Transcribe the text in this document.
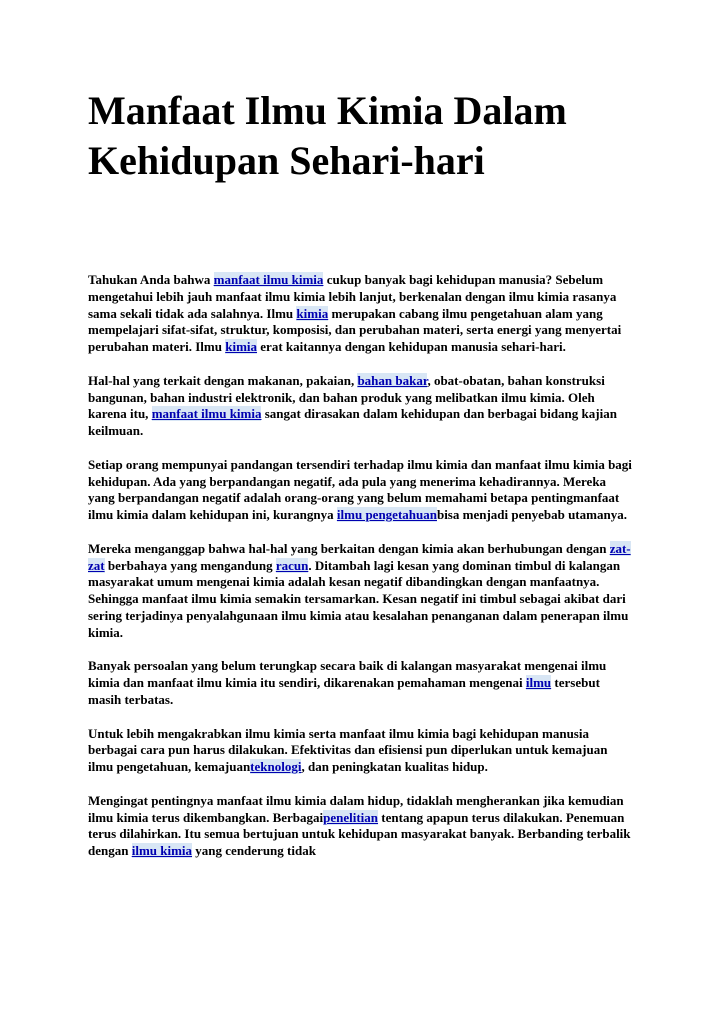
Manfaat Ilmu Kimia Dalam Kehidupan Sehari-hari

Tahukan Anda bahwa manfaat ilmu kimia cukup banyak bagi kehidupan manusia? Sebelum mengetahui lebih jauh manfaat ilmu kimia lebih lanjut, berkenalan dengan ilmu kimia rasanya sama sekali tidak ada salahnya. Ilmu kimia merupakan cabang ilmu pengetahuan alam yang mempelajari sifat-sifat, struktur, komposisi, dan perubahan materi, serta energi yang menyertai perubahan materi. Ilmu kimia erat kaitannya dengan kehidupan manusia sehari-hari.

Hal-hal yang terkait dengan makanan, pakaian, bahan bakar, obat-obatan, bahan konstruksi bangunan, bahan industri elektronik, dan bahan produk yang melibatkan ilmu kimia. Oleh karena itu, manfaat ilmu kimia sangat dirasakan dalam kehidupan dan berbagai bidang kajian keilmuan.

Setiap orang mempunyai pandangan tersendiri terhadap ilmu kimia dan manfaat ilmu kimia bagi kehidupan. Ada yang berpandangan negatif, ada pula yang menerima kehadirannya. Mereka yang berpandangan negatif adalah orang-orang yang belum memahami betapa pentingmanfaat ilmu kimia dalam kehidupan ini, kurangnya ilmu pengetahuanbisa menjadi penyebab utamanya.

Mereka menganggap bahwa hal-hal yang berkaitan dengan kimia akan berhubungan dengan zat-zat berbahaya yang mengandung racun. Ditambah lagi kesan yang dominan timbul di kalangan masyarakat umum mengenai kimia adalah kesan negatif dibandingkan dengan manfaatnya. Sehingga manfaat ilmu kimia semakin tersamarkan. Kesan negatif ini timbul sebagai akibat dari sering terjadinya penyalahgunaan ilmu kimia atau kesalahan penanganan dalam penerapan ilmu kimia.

Banyak persoalan yang belum terungkap secara baik di kalangan masyarakat mengenai ilmu kimia dan manfaat ilmu kimia itu sendiri, dikarenakan pemahaman mengenai ilmu tersebut masih terbatas.

Untuk lebih mengakrabkan ilmu kimia serta manfaat ilmu kimia bagi kehidupan manusia berbagai cara pun harus dilakukan. Efektivitas dan efisiensi pun diperlukan untuk kemajuan ilmu pengetahuan, kemajuanteknologi, dan peningkatan kualitas hidup.

Mengingat pentingnya manfaat ilmu kimia dalam hidup, tidaklah mengherankan jika kemudian ilmu kimia terus dikembangkan. Berbagaipenelitian tentang apapun terus dilakukan. Penemuan terus dilahirkan. Itu semua bertujuan untuk kehidupan masyarakat banyak. Berbanding terbalik dengan ilmu kimia yang cenderung tidak
